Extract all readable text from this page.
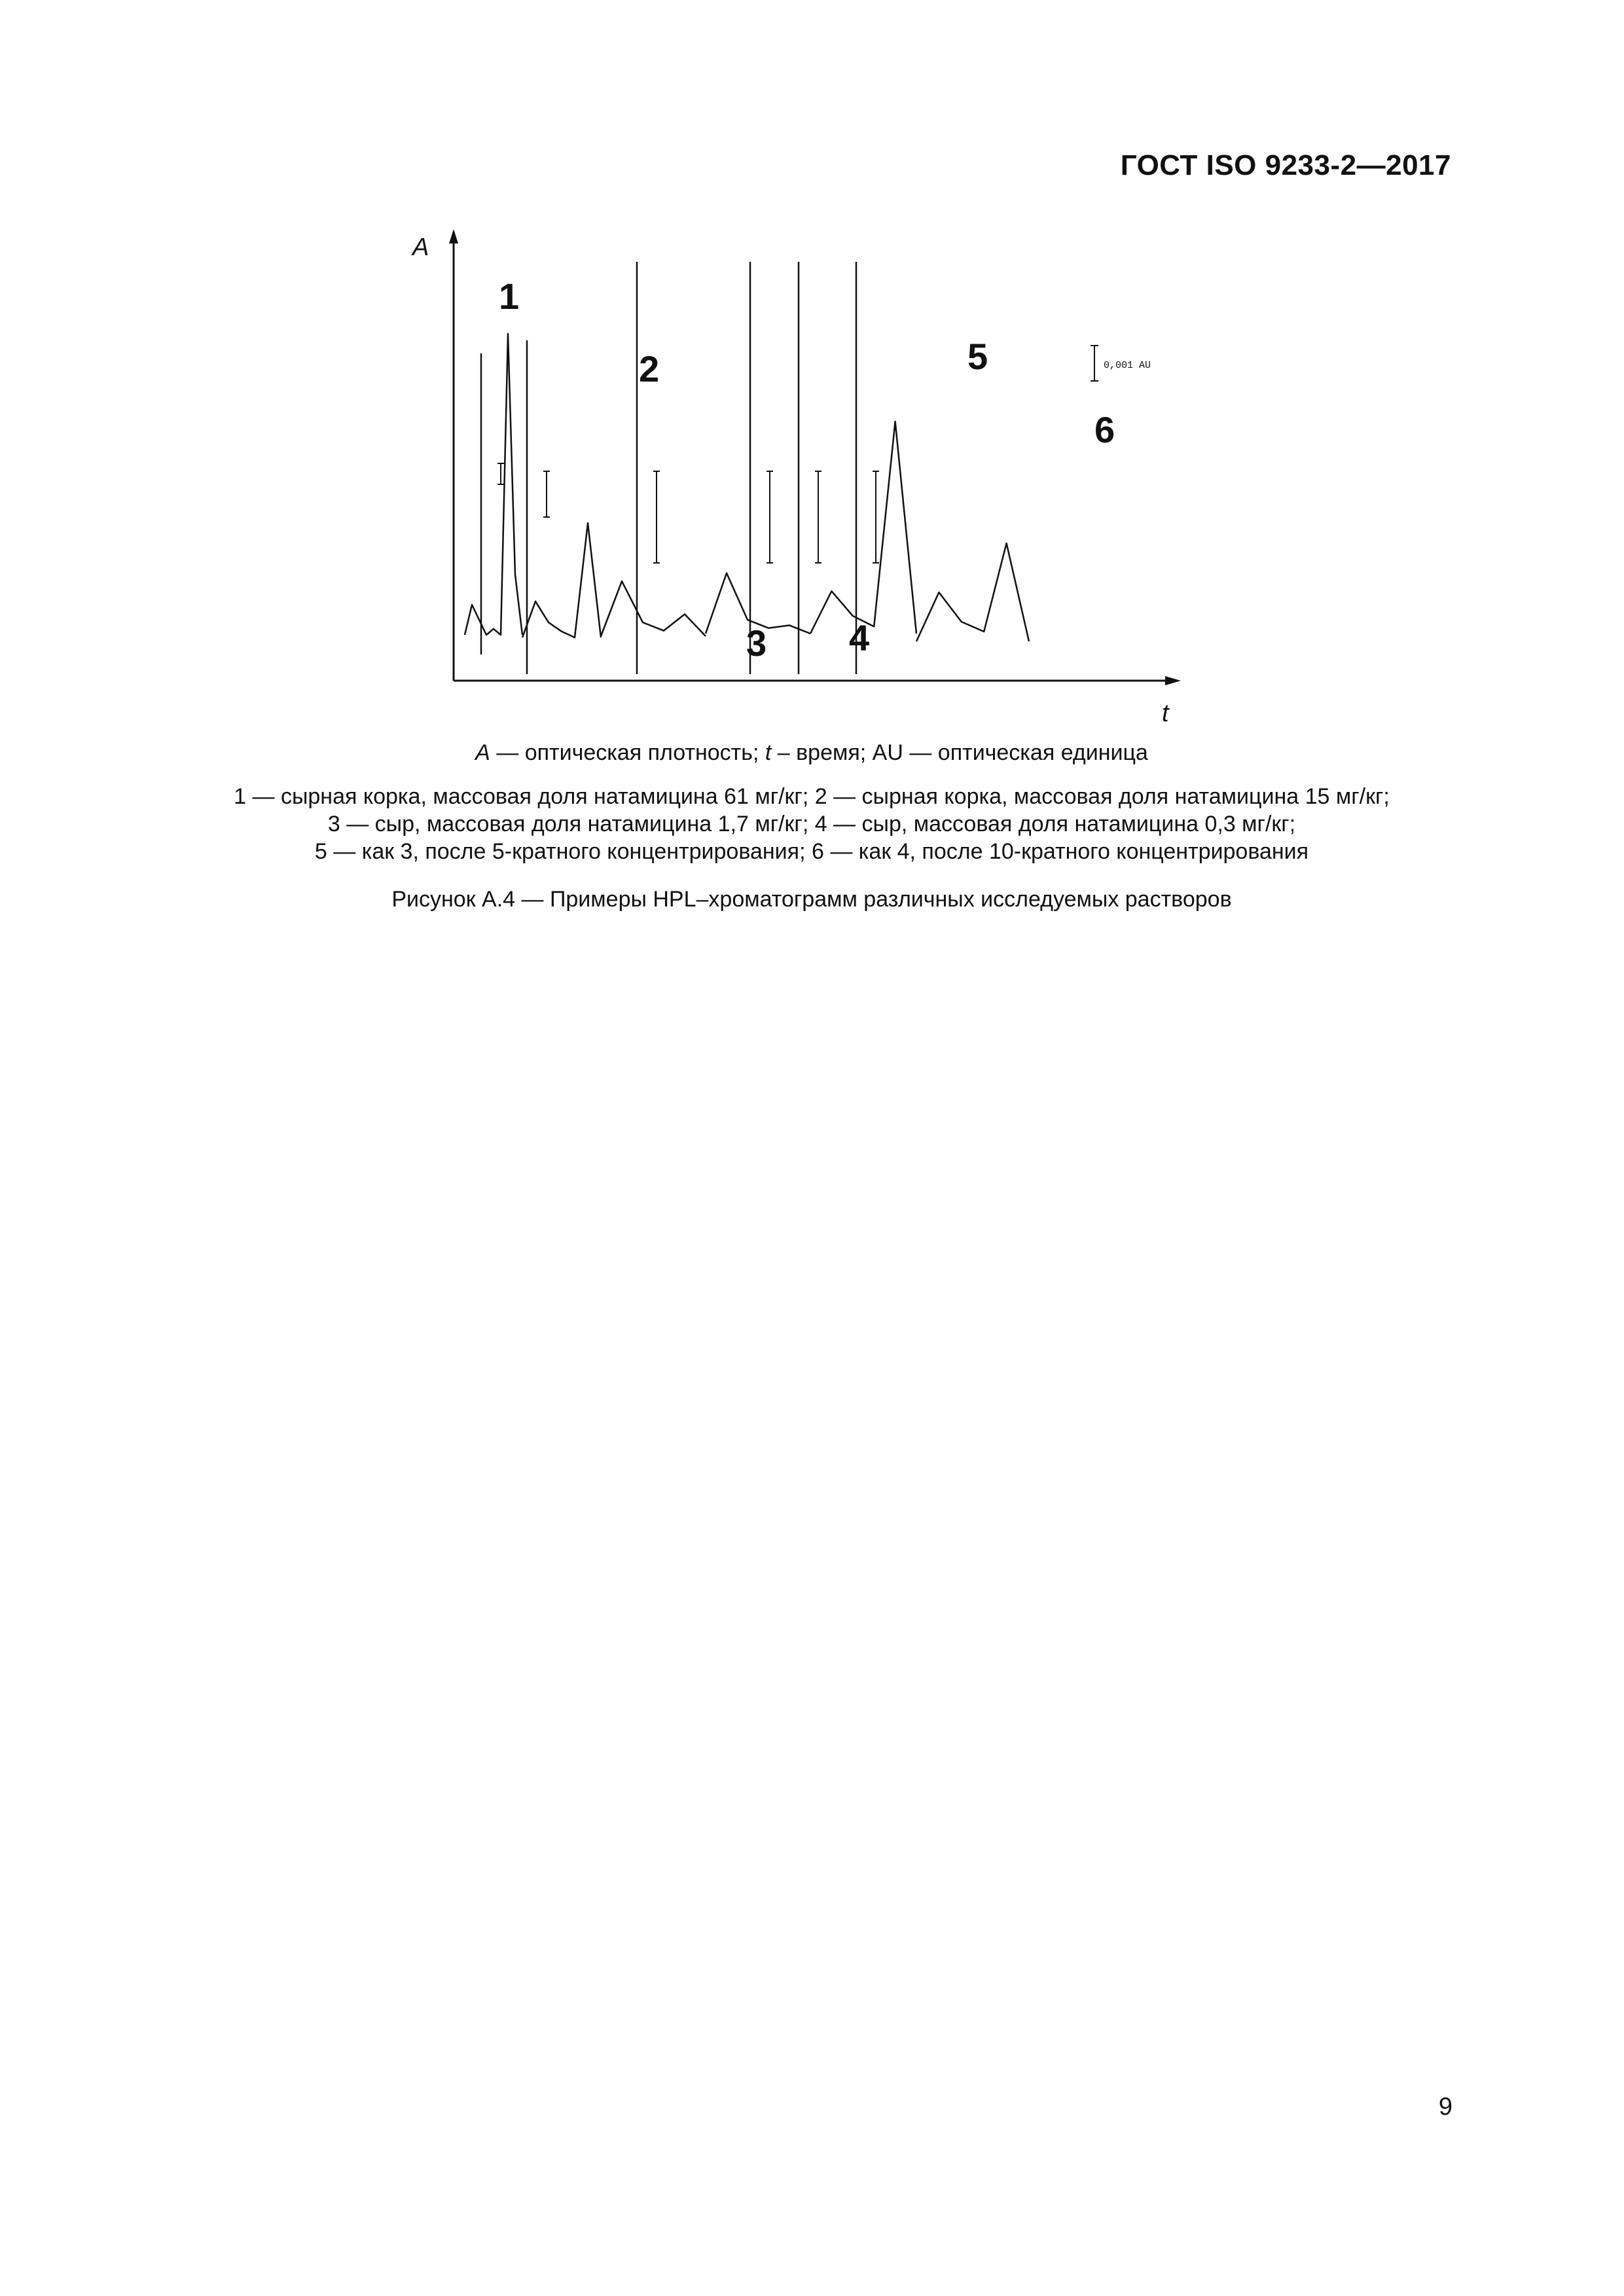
ГОСТ ISO 9233-2—2017
A
t
0,001 AU
1
2
3 4
5
6
A — оптическая плотность; t – время; AU — оптическая единица
1 — сырная корка, массовая доля натамицина 61 мг/кг; 2 — сырная корка, массовая доля натамицина 15 мг/кг;
3 — сыр, массовая доля натамицина 1,7 мг/кг; 4 — сыр, массовая доля натамицина 0,3 мг/кг;
5 — как 3, после 5-кратного концентрирования; 6 — как 4, после 10-кратного концентрирования
Рисунок А.4 — Примеры HPL–хроматограмм различных исследуемых растворов
9
